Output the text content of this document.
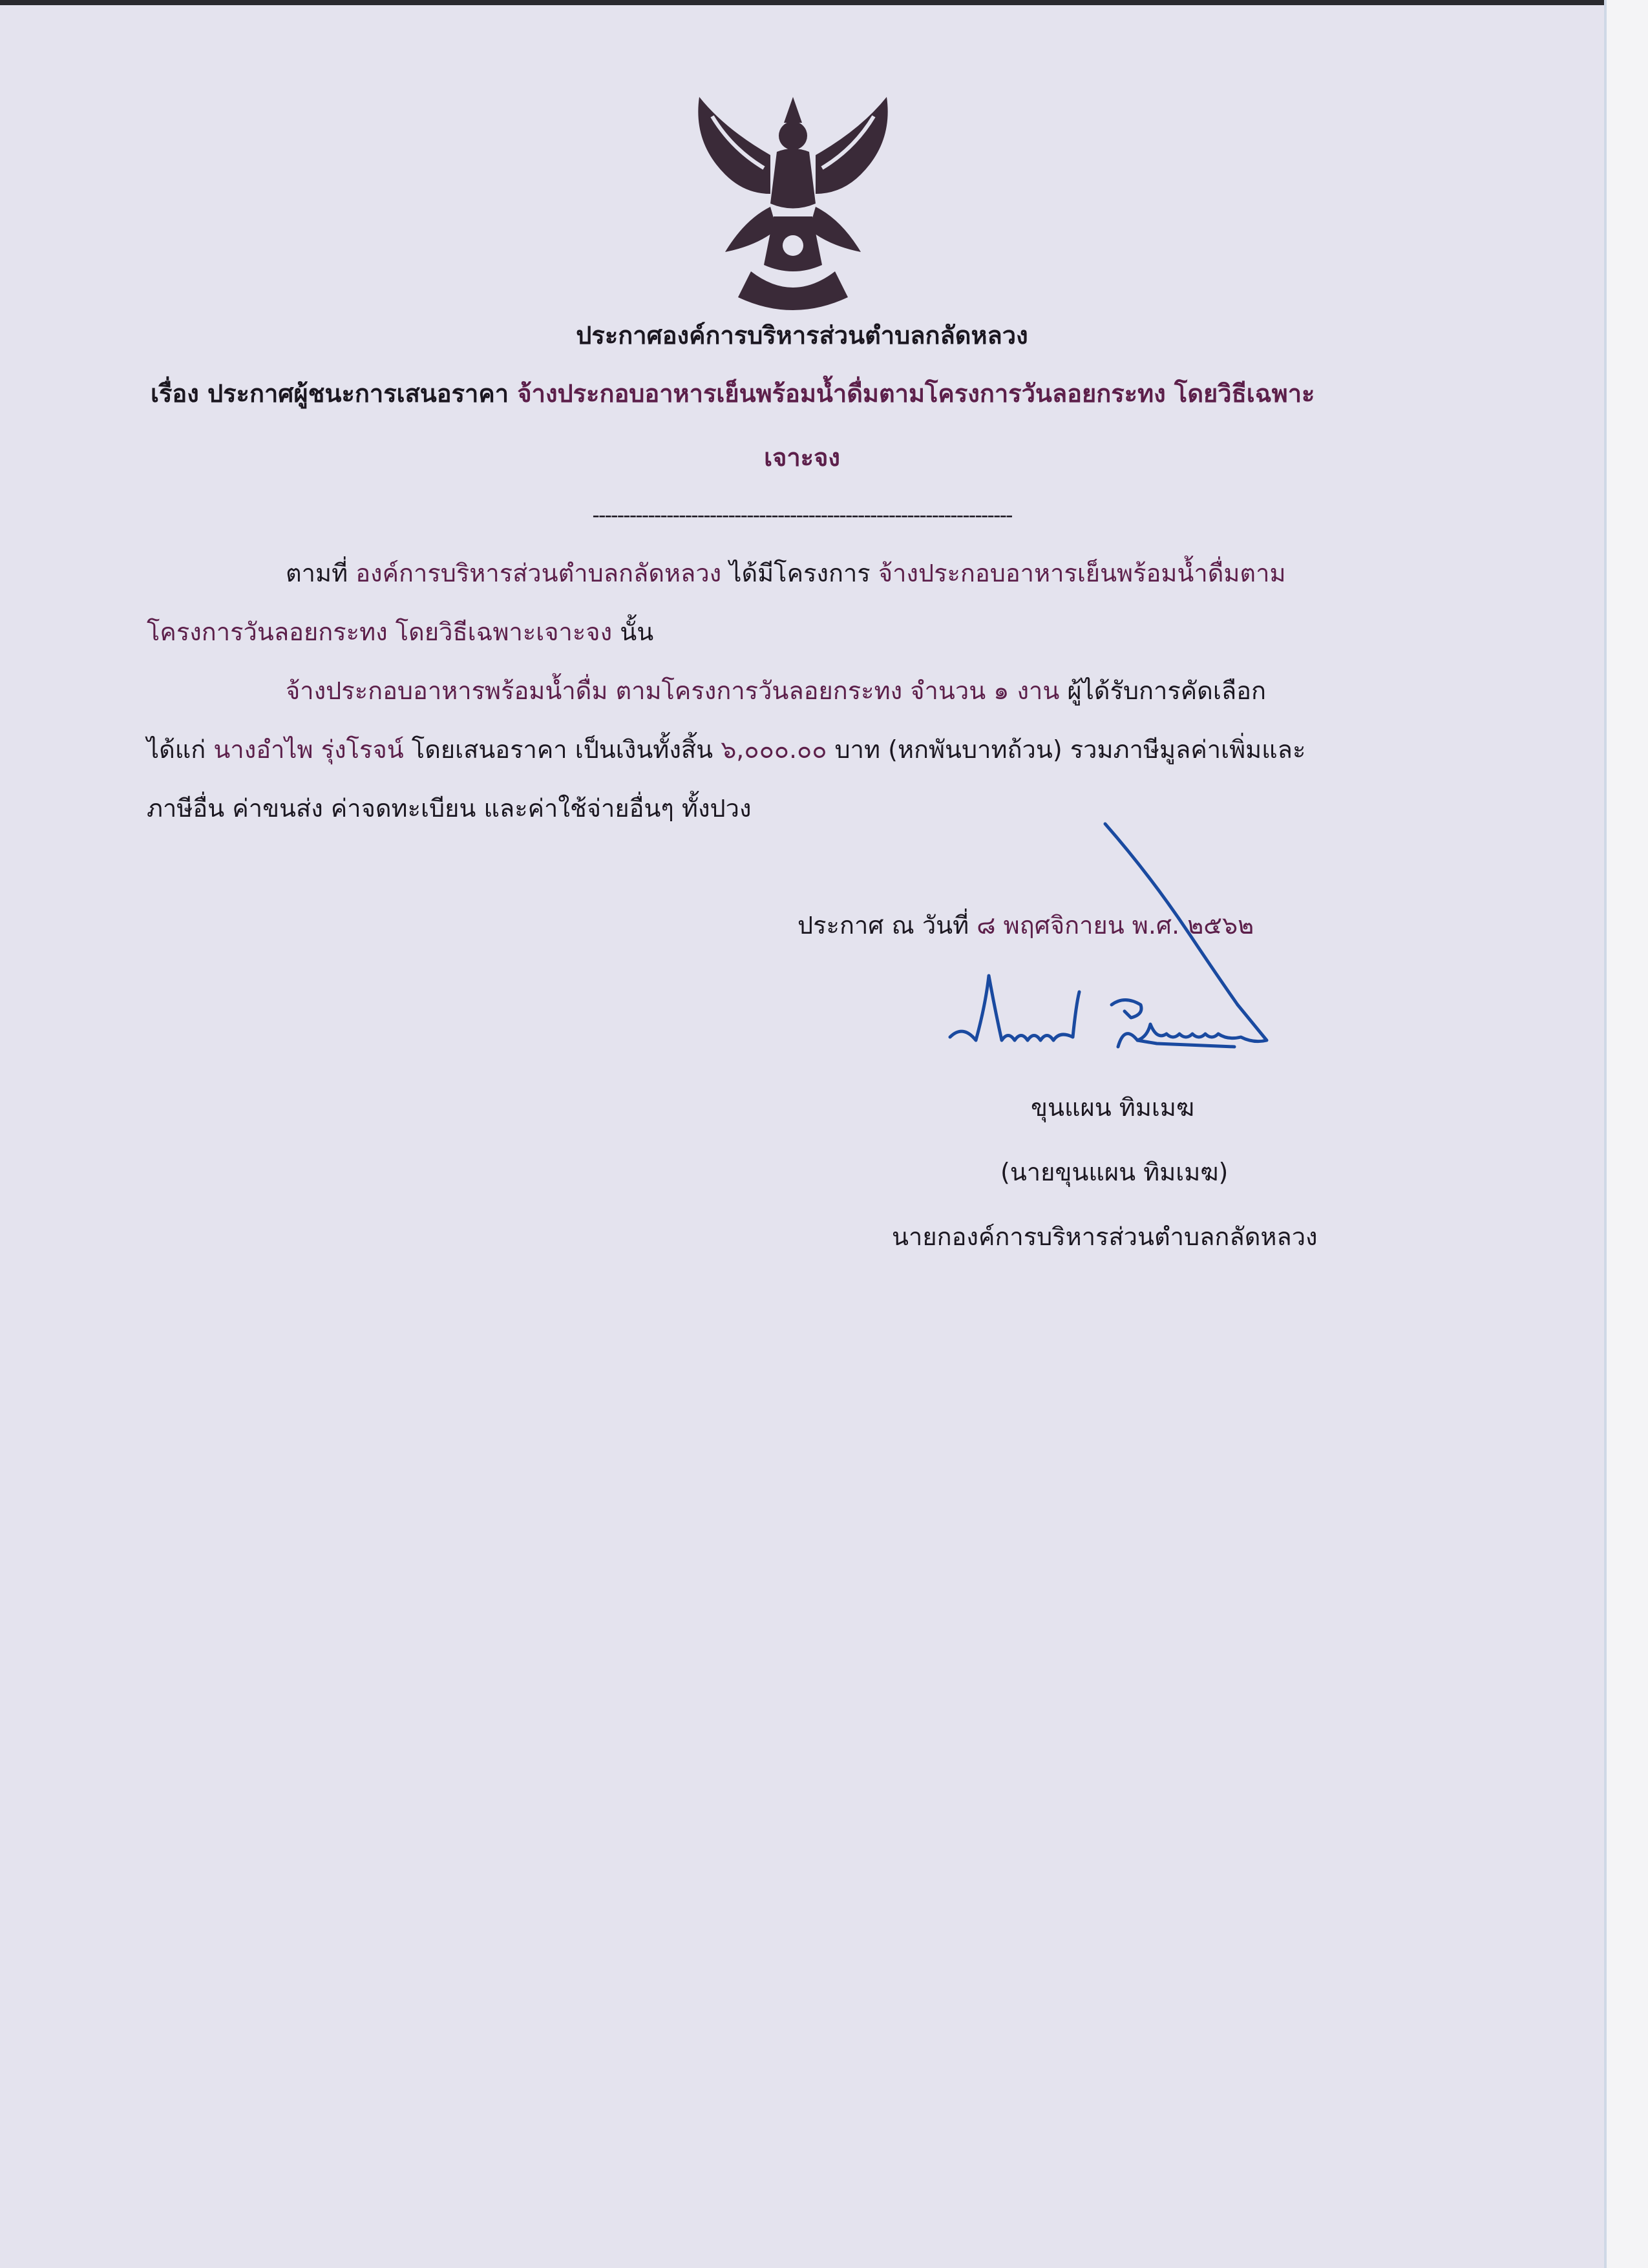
ประกาศองค์การบริหารส่วนตำบลกลัดหลวง
เรื่อง ประกาศผู้ชนะการเสนอราคา จ้างประกอบอาหารเย็นพร้อมน้ำดื่มตามโครงการวันลอยกระทง โดยวิธีเฉพาะ
เจาะจง
--------------------------------------------------------------------
ตามที่ องค์การบริหารส่วนตำบลกลัดหลวง ได้มีโครงการ จ้างประกอบอาหารเย็นพร้อมน้ำดื่มตาม
โครงการวันลอยกระทง โดยวิธีเฉพาะเจาะจง นั้น
จ้างประกอบอาหารพร้อมน้ำดื่ม ตามโครงการวันลอยกระทง จำนวน ๑ งาน ผู้ได้รับการคัดเลือก
ได้แก่ นางอำไพ รุ่งโรจน์ โดยเสนอราคา เป็นเงินทั้งสิ้น ๖,๐๐๐.๐๐ บาท (หกพันบาทถ้วน) รวมภาษีมูลค่าเพิ่มและ
ภาษีอื่น ค่าขนส่ง ค่าจดทะเบียน และค่าใช้จ่ายอื่นๆ ทั้งปวง
ประกาศ ณ วันที่ ๘ พฤศจิกายน พ.ศ. ๒๕๖๒
ขุนแผน ทิมเมฆ
(นายขุนแผน ทิมเมฆ)
นายกองค์การบริหารส่วนตำบลกลัดหลวง
